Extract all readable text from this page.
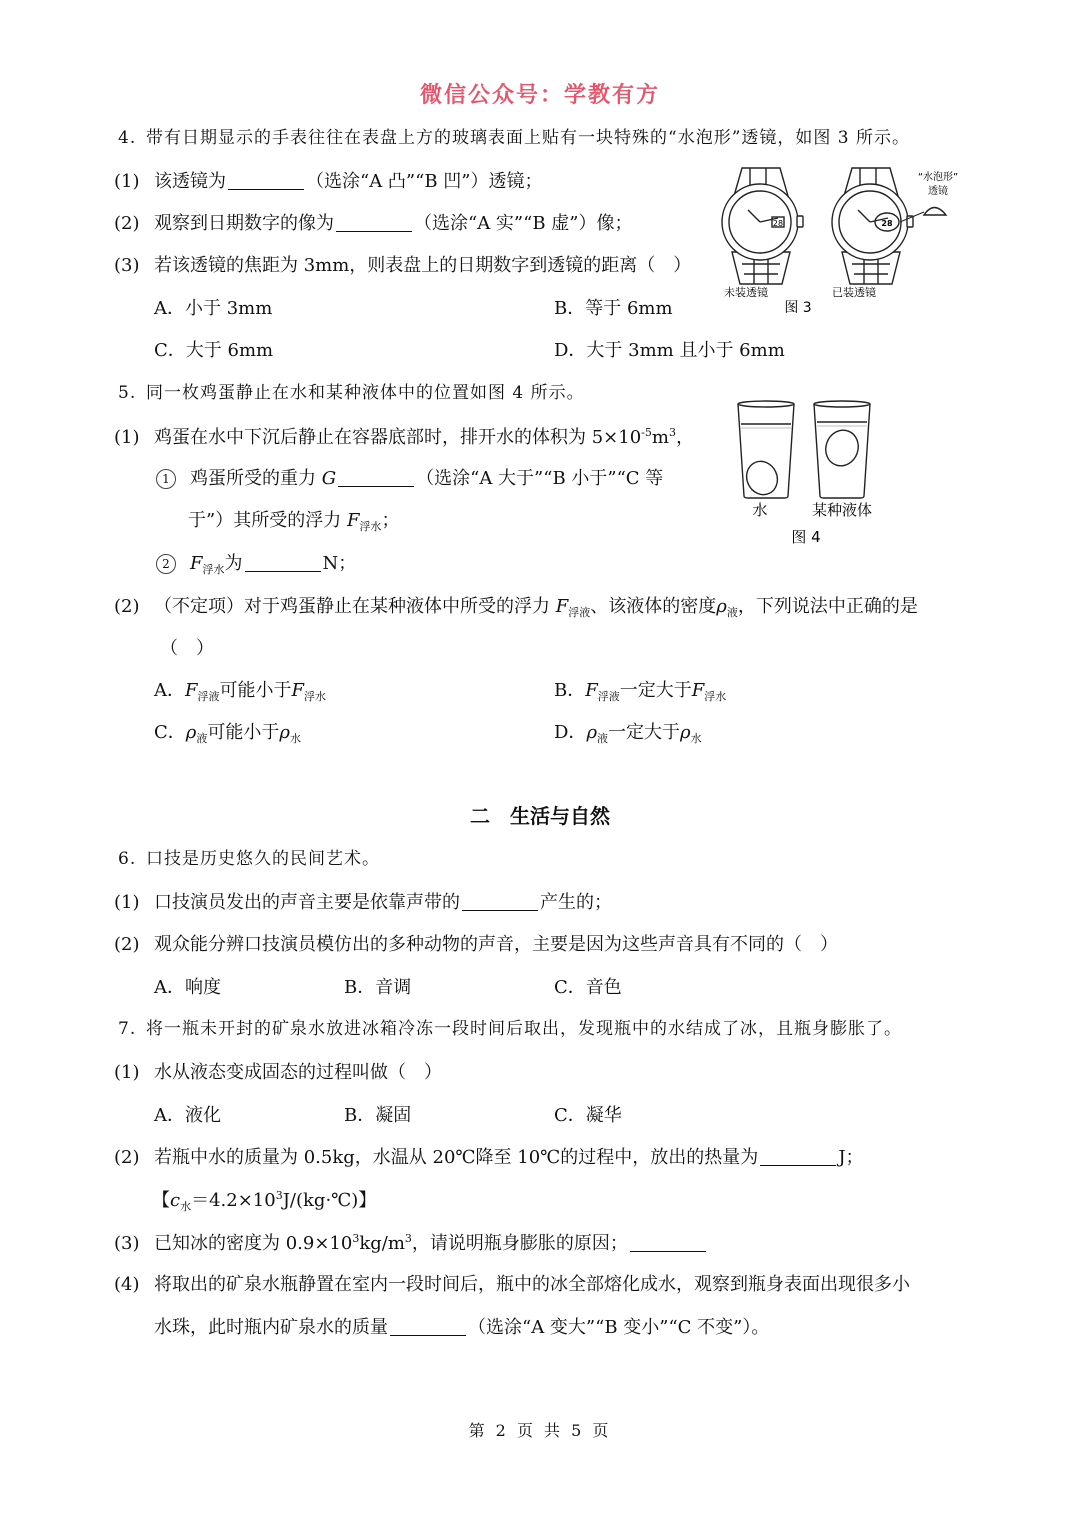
微信公众号：学教有方
4. 带有日期显示的手表往往在表盘上方的玻璃表面上贴有一块特殊的“水泡形”透镜，如图 3 所示。
(1) 该透镜为	（选涂“A 凸”“B 凹”）透镜；
(2) 观察到日期数字的像为	（选涂“A 实”“B 虚”）像；
(3) 若该透镜的焦距为 3mm，则表盘上的日期数字到透镜的距离（　）
A．小于 3mm	B．等于 6mm
C．大于 6mm	D．大于 3mm 且小于 6mm
28	28
“水泡形”
透镜
未装透镜	已装透镜
图 3
5. 同一枚鸡蛋静止在水和某种液体中的位置如图 4 所示。
(1) 鸡蛋在水中下沉后静止在容器底部时，排开水的体积为 $5\times 10^{-5}m^3$，
1 鸡蛋所受的重力 G	（选涂“A 大于”“B 小于”“C 等
于”）其所受的浮力 $F_{浮水}$；
2 $F_{浮水}$为	N；
(2) （不定项）对于鸡蛋静止在某种液体中所受的浮力 $F_{浮液}$、该液体的密度$\rho_液$，下列说法中正确的是
（　）
A．$F_{浮液}$可能小于$F_{浮水}$	B．$F_{浮液}$一定大于$F_{浮水}$
C．$\rho_液$可能小于$\rho_水$	D．$\rho_液$一定大于$\rho_水$
水	某种液体
图 4
二　生活与自然
6. 口技是历史悠久的民间艺术。
(1) 口技演员发出的声音主要是依靠声带的	产生的；
(2) 观众能分辨口技演员模仿出的多种动物的声音，主要是因为这些声音具有不同的（　）
A．响度	B．音调	C．音色
7. 将一瓶未开封的矿泉水放进冰箱冷冻一段时间后取出，发现瓶中的水结成了冰，且瓶身膨胀了。
(1) 水从液态变成固态的过程叫做（　）
A．液化	B．凝固	C．凝华
(2) 若瓶中水的质量为 0.5kg，水温从 20℃降至 10℃的过程中，放出的热量为	J；
【$c_水=4.2\times 10^3J/(kg\cdot℃)$】
(3) 已知冰的密度为 $0.9\times 10^3kg/m^3$，请说明瓶身膨胀的原因；
(4) 将取出的矿泉水瓶静置在室内一段时间后，瓶中的冰全部熔化成水，观察到瓶身表面出现很多小
水珠，此时瓶内矿泉水的质量	（选涂“A 变大”“B 变小”“C 不变”）。
第 2 页 共 5 页
